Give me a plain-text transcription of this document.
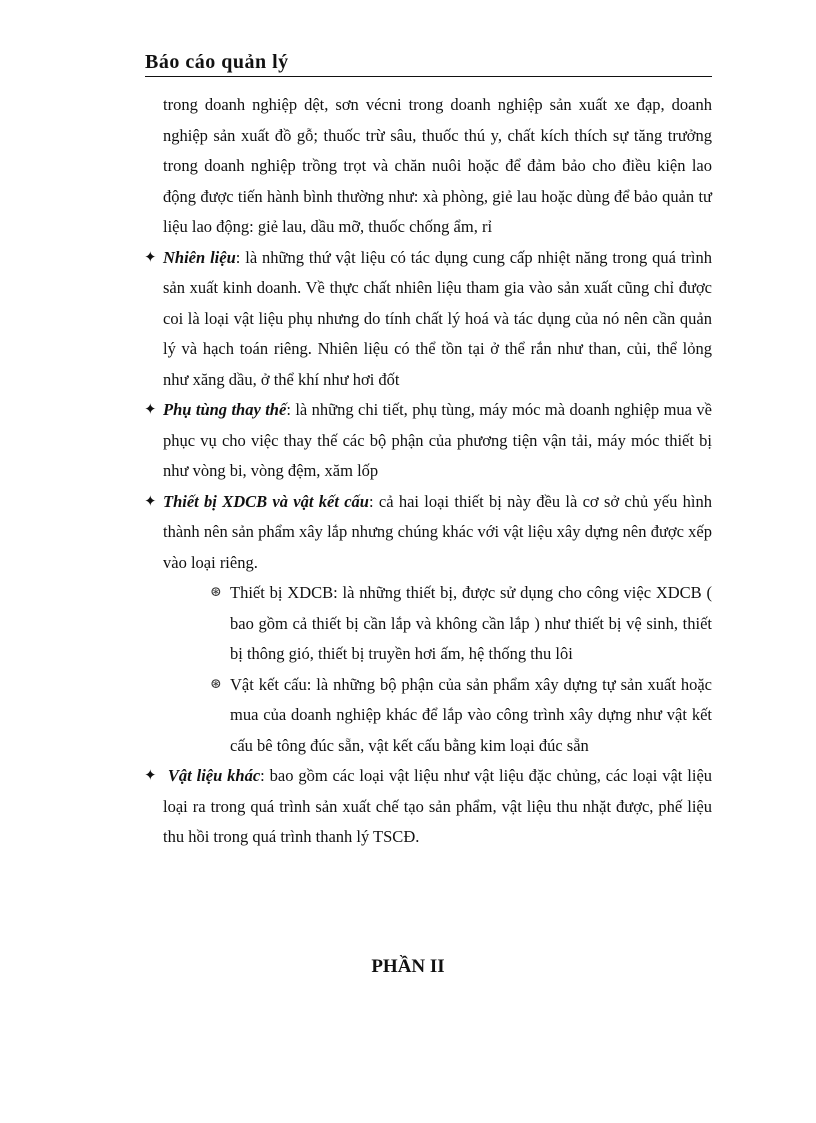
Báo cáo quản lý

trong doanh nghiệp dệt, sơn vécni trong doanh nghiệp sản xuất xe đạp, doanh nghiệp sản xuất đồ gỗ; thuốc trừ sâu, thuốc thú y, chất kích thích sự tăng trưởng trong doanh nghiệp trồng trọt và chăn nuôi hoặc để đảm bảo cho điều kiện lao động được tiến hành bình thường như: xà phòng, giẻ lau hoặc dùng để bảo quản tư liệu lao động: giẻ lau, dầu mỡ, thuốc chống ẩm, rỉ

✦ Nhiên liệu: là những thứ vật liệu có tác dụng cung cấp nhiệt năng trong quá trình sản xuất kinh doanh. Về thực chất nhiên liệu tham gia vào sản xuất cũng chỉ được coi là loại vật liệu phụ nhưng do tính chất lý hoá và tác dụng của nó nên cần quản lý và hạch toán riêng. Nhiên liệu có thể tồn tại ở thể rắn như than, củi, thể lỏng như xăng dầu, ở thể khí như hơi đốt

✦ Phụ tùng thay thế: là những chi tiết, phụ tùng, máy móc mà doanh nghiệp mua về phục vụ cho việc thay thế các bộ phận của phương tiện vận tải, máy móc thiết bị như vòng bi, vòng đệm, xăm lốp

✦ Thiết bị XDCB và vật kết cấu: cả hai loại thiết bị này đều là cơ sở chủ yếu hình thành nên sản phẩm xây lắp nhưng chúng khác với vật liệu xây dựng nên được xếp vào loại riêng.

⊛ Thiết bị XDCB: là những thiết bị, được sử dụng cho công việc XDCB ( bao gồm cả thiết bị cần lắp và không cần lắp ) như thiết bị vệ sinh, thiết bị thông gió, thiết bị truyền hơi ấm, hệ thống thu lôi

⊛ Vật kết cấu: là những bộ phận của sản phẩm xây dựng tự sản xuất hoặc mua của doanh nghiệp khác để lắp vào công trình xây dựng như vật kết cấu bê tông đúc sẵn, vật kết cấu bằng kim loại đúc sẵn

✦ Vật liệu khác: bao gồm các loại vật liệu như vật liệu đặc chủng, các loại vật liệu loại ra trong quá trình sản xuất chế tạo sản phẩm, vật liệu thu nhặt được, phế liệu thu hồi trong quá trình thanh lý TSCĐ.

PHẦN II
